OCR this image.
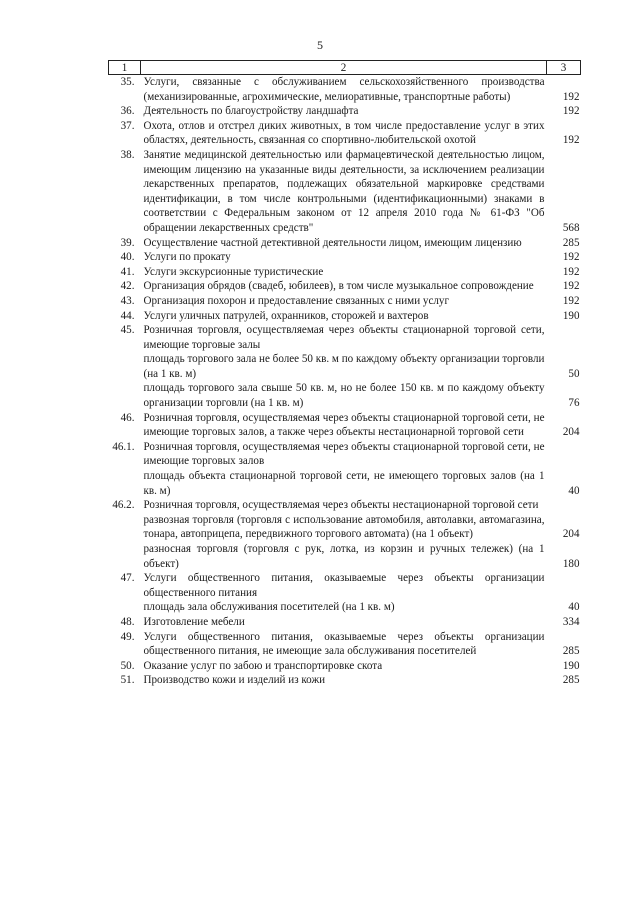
5
1	2	3
35.	Услуги, связанные с обслуживанием сельскохозяйственного производства (механизированные, агрохимические, мелиоративные, транспортные работы)	192
36.	Деятельность по благоустройству ландшафта	192
37.	Охота, отлов и отстрел диких животных, в том числе предоставление услуг в этих областях, деятельность, связанная со спортивно-любительской охотой	192
38.	Занятие медицинской деятельностью или фармацевтической деятельностью лицом, имеющим лицензию на указанные виды деятельности, за исключением реализации лекарственных препаратов, подлежащих обязательной маркировке средствами идентификации, в том числе контрольными (идентификационными) знаками в соответствии с Федеральным законом от 12 апреля 2010 года № 61-ФЗ "Об обращении лекарственных средств"	568
39.	Осуществление частной детективной деятельности лицом, имеющим лицензию	285
40.	Услуги по прокату	192
41.	Услуги экскурсионные туристические	192
42.	Организация обрядов (свадеб, юбилеев), в том числе музыкальное сопровождение	192
43.	Организация похорон и предоставление связанных с ними услуг	192
44.	Услуги уличных патрулей, охранников, сторожей и вахтеров	190
45.	Розничная торговля, осуществляемая через объекты стационарной торговой сети, имеющие торговые залы	

	площадь торгового зала не более 50 кв. м по каждому объекту организации торговли (на 1 кв. м)	50

	площадь торгового зала свыше 50 кв. м, но не более 150 кв. м по каждому объекту организации торговли (на 1 кв. м)	76
46.	Розничная торговля, осуществляемая через объекты стационарной торговой сети, не имеющие торговых залов, а также через объекты нестационарной торговой сети	204
46.1.	Розничная торговля, осуществляемая через объекты стационарной торговой сети, не имеющие торговых залов	

	площадь объекта стационарной торговой сети, не имеющего торговых залов (на 1 кв. м)	40
46.2.	Розничная торговля, осуществляемая через объекты нестационарной торговой сети	

	развозная торговля (торговля с использование автомобиля, автолавки, автомагазина, тонара, автоприцепа, передвижного торгового автомата) (на 1 объект)	204

	разносная торговля (торговля с рук, лотка, из корзин и ручных тележек) (на 1 объект)	180
47.	Услуги общественного питания, оказываемые через объекты организации общественного питания	

	площадь зала обслуживания посетителей (на 1 кв. м)	40
48.	Изготовление мебели	334
49.	Услуги общественного питания, оказываемые через объекты организации общественного питания, не имеющие зала обслуживания посетителей	285
50.	Оказание услуг по забою и транспортировке скота	190
51.	Производство кожи и изделий из кожи	285
